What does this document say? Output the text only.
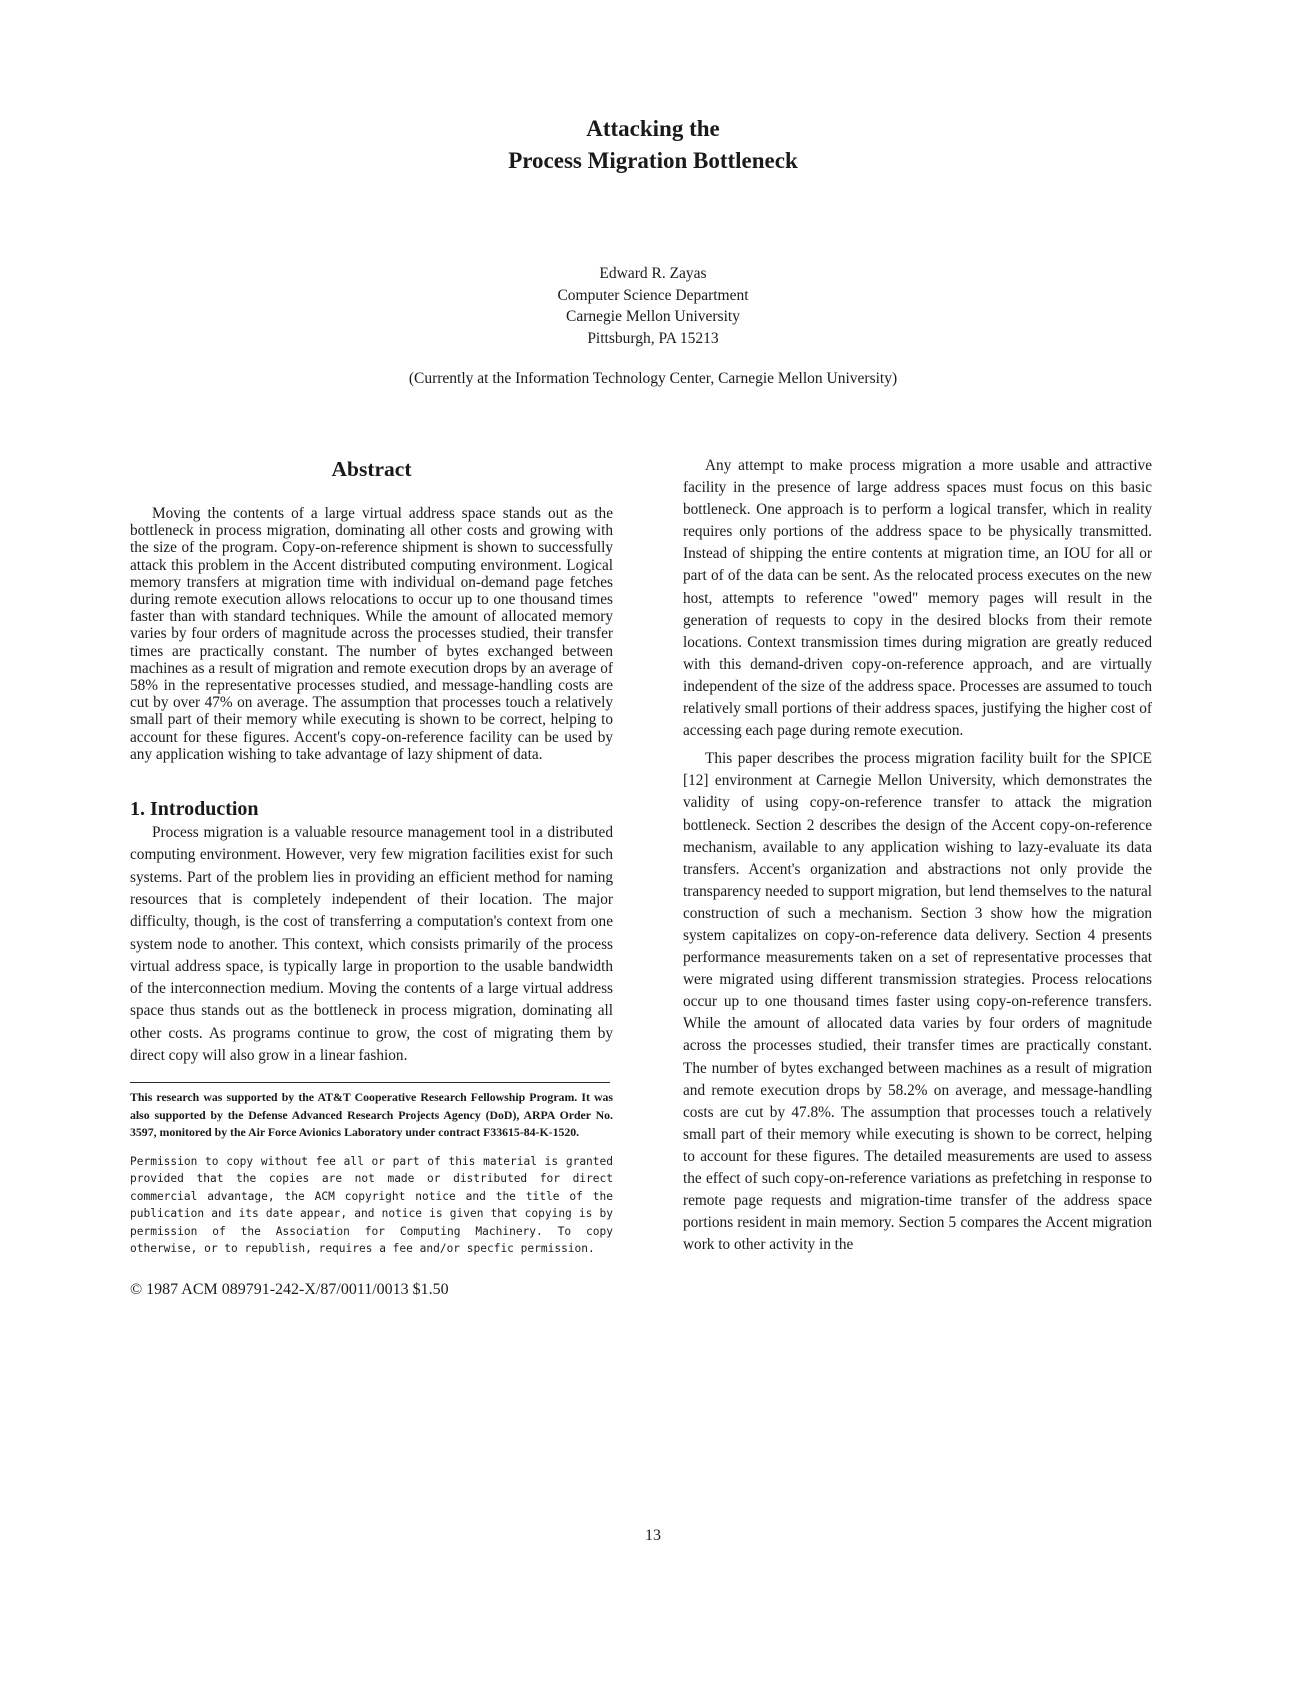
Attacking the
Process Migration Bottleneck
Edward R. Zayas
Computer Science Department
Carnegie Mellon University
Pittsburgh, PA 15213
(Currently at the Information Technology Center, Carnegie Mellon University)
Abstract

Moving the contents of a large virtual address space stands out as the bottleneck in process migration, dominating all other costs and growing with the size of the program. Copy-on-reference shipment is shown to successfully attack this problem in the Accent distributed computing environment. Logical memory transfers at migration time with individual on-demand page fetches during remote execution allows relocations to occur up to one thousand times faster than with standard techniques. While the amount of allocated memory varies by four orders of magnitude across the processes studied, their transfer times are practically constant. The number of bytes exchanged between machines as a result of migration and remote execution drops by an average of 58% in the representative processes studied, and message-handling costs are cut by over 47% on average. The assumption that processes touch a relatively small part of their memory while executing is shown to be correct, helping to account for these figures. Accent's copy-on-reference facility can be used by any application wishing to take advantage of lazy shipment of data.

1. Introduction

Process migration is a valuable resource management tool in a distributed computing environment. However, very few migration facilities exist for such systems. Part of the problem lies in providing an efficient method for naming resources that is completely independent of their location. The major difficulty, though, is the cost of transferring a computation's context from one system node to another. This context, which consists primarily of the process virtual address space, is typically large in proportion to the usable bandwidth of the interconnection medium. Moving the contents of a large virtual address space thus stands out as the bottleneck in process migration, dominating all other costs. As programs continue to grow, the cost of migrating them by direct copy will also grow in a linear fashion.

This research was supported by the AT&T Cooperative Research Fellowship Program. It was also supported by the Defense Advanced Research Projects Agency (DoD), ARPA Order No. 3597, monitored by the Air Force Avionics Laboratory under contract F33615-84-K-1520.

Permission to copy without fee all or part of this material is granted provided that the copies are not made or distributed for direct commercial advantage, the ACM copyright notice and the title of the publication and its date appear, and notice is given that copying is by permission of the Association for Computing Machinery. To copy otherwise, or to republish, requires a fee and/or specfic permission.

© 1987 ACM 089791-242-X/87/0011/0013 $1.50

Any attempt to make process migration a more usable and attractive facility in the presence of large address spaces must focus on this basic bottleneck. One approach is to perform a logical transfer, which in reality requires only portions of the address space to be physically transmitted. Instead of shipping the entire contents at migration time, an IOU for all or part of of the data can be sent. As the relocated process executes on the new host, attempts to reference "owed" memory pages will result in the generation of requests to copy in the desired blocks from their remote locations. Context transmission times during migration are greatly reduced with this demand-driven copy-on-reference approach, and are virtually independent of the size of the address space. Processes are assumed to touch relatively small portions of their address spaces, justifying the higher cost of accessing each page during remote execution.

This paper describes the process migration facility built for the SPICE [12] environment at Carnegie Mellon University, which demonstrates the validity of using copy-on-reference transfer to attack the migration bottleneck. Section 2 describes the design of the Accent copy-on-reference mechanism, available to any application wishing to lazy-evaluate its data transfers. Accent's organization and abstractions not only provide the transparency needed to support migration, but lend themselves to the natural construction of such a mechanism. Section 3 show how the migration system capitalizes on copy-on-reference data delivery. Section 4 presents performance measurements taken on a set of representative processes that were migrated using different transmission strategies. Process relocations occur up to one thousand times faster using copy-on-reference transfers. While the amount of allocated data varies by four orders of magnitude across the processes studied, their transfer times are practically constant. The number of bytes exchanged between machines as a result of migration and remote execution drops by 58.2% on average, and message-handling costs are cut by 47.8%. The assumption that processes touch a relatively small part of their memory while executing is shown to be correct, helping to account for these figures. The detailed measurements are used to assess the effect of such copy-on-reference variations as prefetching in response to remote page requests and migration-time transfer of the address space portions resident in main memory. Section 5 compares the Accent migration work to other activity in the

13
